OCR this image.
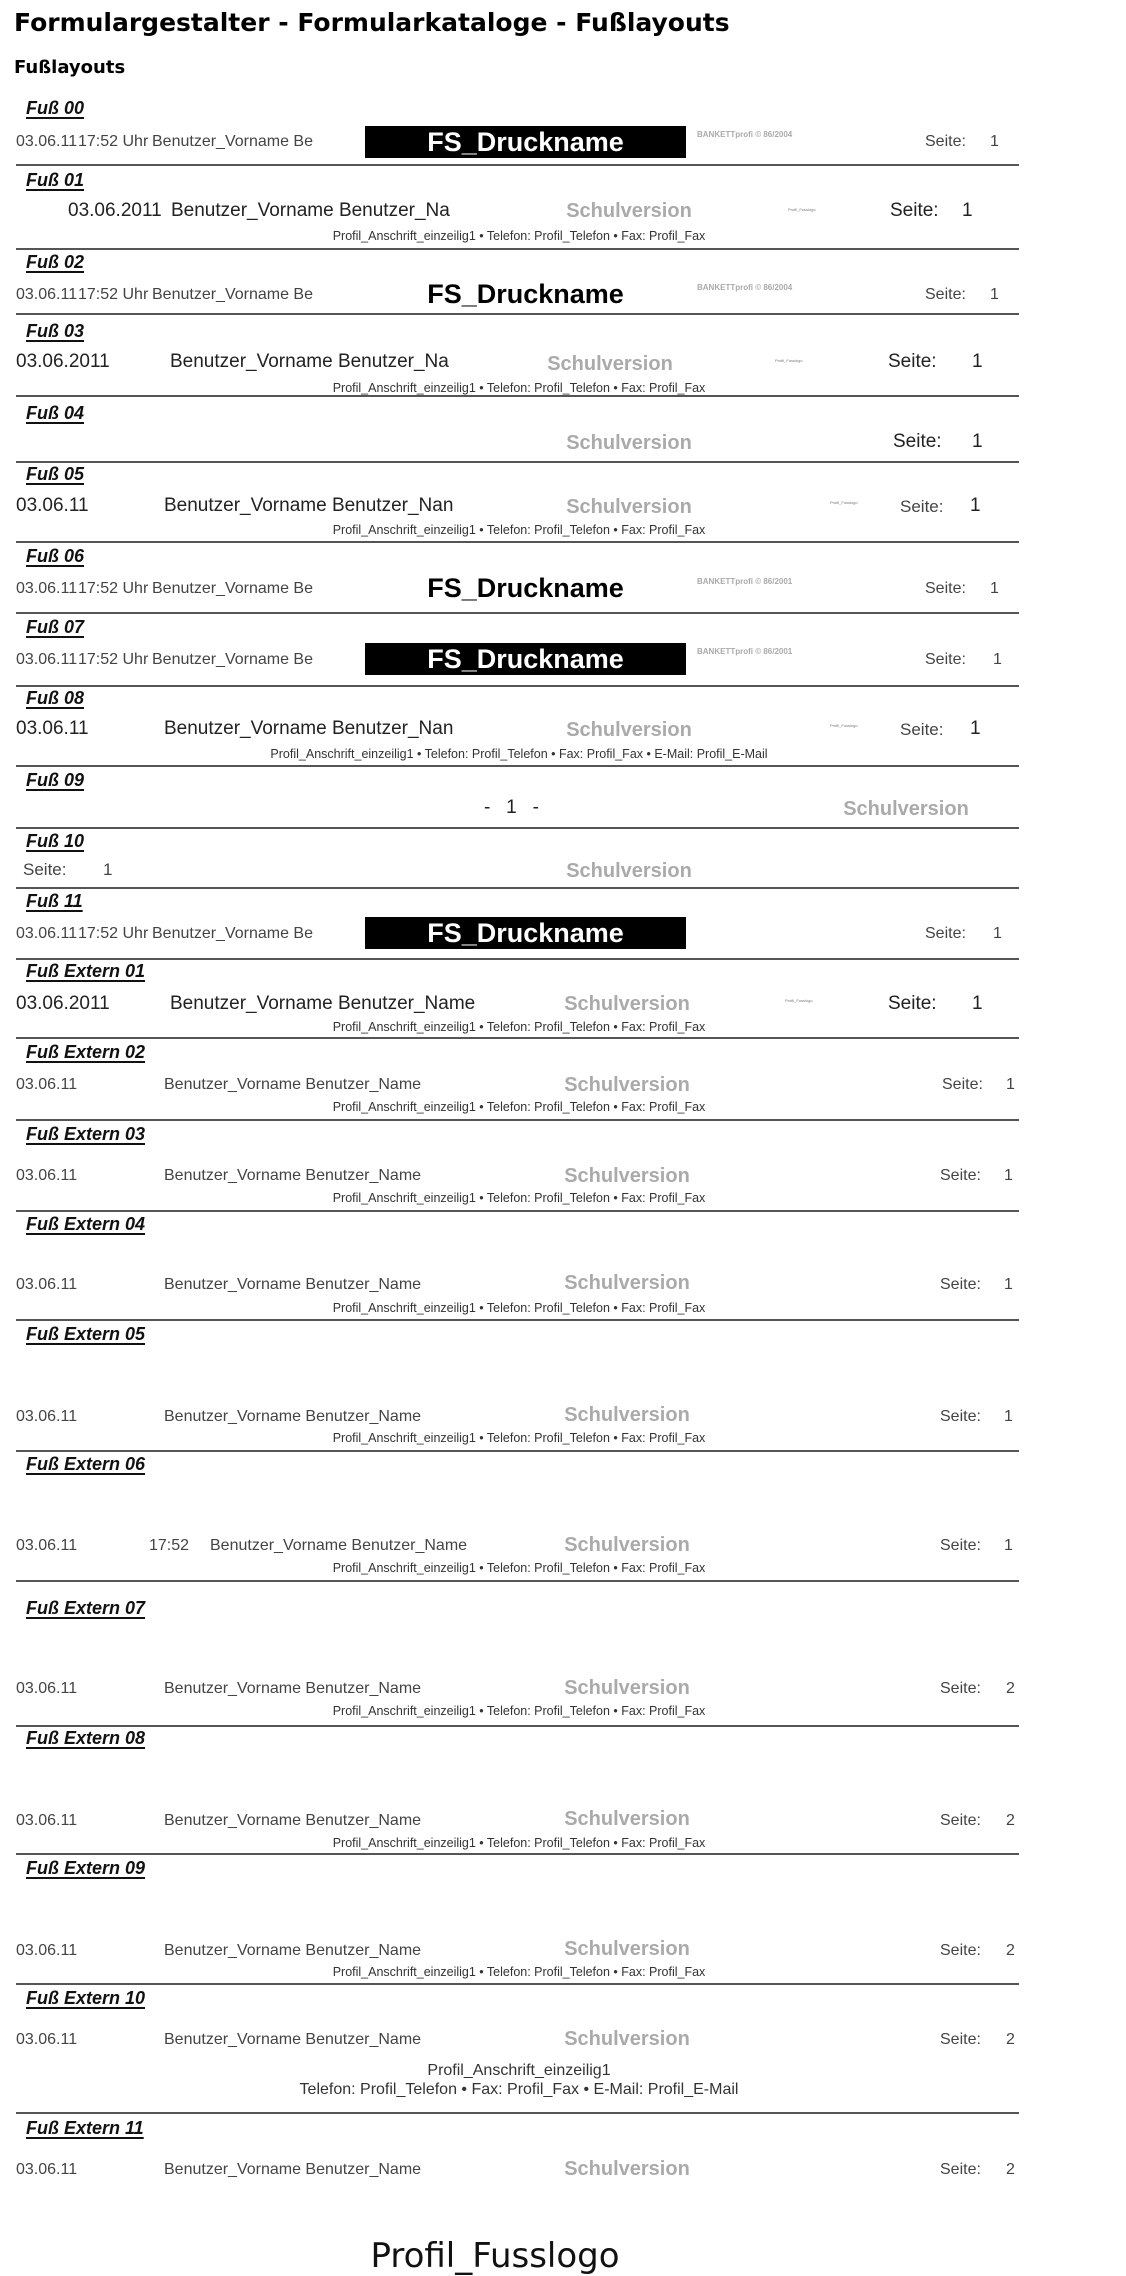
Formulargestalter - Formularkataloge - Fußlayouts
Fußlayouts
Fuß 00
03.06.11 17:52 Uhr Benutzer_Vorname Be	FS_Druckname	BANKETTprofi © 86/2004	Seite: 1
Fuß 01
03.06.2011 Benutzer_Vorname Benutzer_Na	Schulversion	Profil_Fusslogo	Seite: 1
Profil_Anschrift_einzeilig1 • Telefon: Profil_Telefon • Fax: Profil_Fax
Fuß 02
03.06.11 17:52 Uhr Benutzer_Vorname Be	FS_Druckname	BANKETTprofi © 86/2004	Seite: 1
Fuß 03
03.06.2011	Benutzer_Vorname Benutzer_Na	Schulversion	Profil_Fusslogo	Seite: 1
Profil_Anschrift_einzeilig1 • Telefon: Profil_Telefon • Fax: Profil_Fax
Fuß 04
Schulversion	Seite: 1
Fuß 05
03.06.11	Benutzer_Vorname Benutzer_Nan	Schulversion	Profil_Fusslogo Seite: 1
Profil_Anschrift_einzeilig1 • Telefon: Profil_Telefon • Fax: Profil_Fax
Fuß 06
03.06.11 17:52 Uhr Benutzer_Vorname Be	FS_Druckname	BANKETTprofi © 86/2001	Seite: 1
Fuß 07
03.06.11 17:52 Uhr Benutzer_Vorname Be	FS_Druckname	BANKETTprofi © 86/2001	Seite: 1
Fuß 08
03.06.11	Benutzer_Vorname Benutzer_Nan	Schulversion	Profil_Fusslogo Seite: 1
Profil_Anschrift_einzeilig1 • Telefon: Profil_Telefon • Fax: Profil_Fax • E-Mail: Profil_E-Mail
Fuß 09
-   1   -	Schulversion
Fuß 10
Seite: 1	Schulversion
Fuß 11
03.06.11 17:52 Uhr Benutzer_Vorname Be	FS_Druckname	Seite: 1
Fuß Extern 01
03.06.2011	Benutzer_Vorname Benutzer_Name	Schulversion	Profil_Fusslogo	Seite: 1
Profil_Anschrift_einzeilig1 • Telefon: Profil_Telefon • Fax: Profil_Fax
Fuß Extern 02
03.06.11	Benutzer_Vorname Benutzer_Name	Schulversion	Seite: 1
Profil_Anschrift_einzeilig1 • Telefon: Profil_Telefon • Fax: Profil_Fax
Fuß Extern 03
03.06.11	Benutzer_Vorname Benutzer_Name	Schulversion	Seite: 1
Profil_Anschrift_einzeilig1 • Telefon: Profil_Telefon • Fax: Profil_Fax
Fuß Extern 04
03.06.11	Benutzer_Vorname Benutzer_Name	Schulversion	Seite: 1
Profil_Anschrift_einzeilig1 • Telefon: Profil_Telefon • Fax: Profil_Fax
Fuß Extern 05
03.06.11	Benutzer_Vorname Benutzer_Name	Schulversion	Seite: 1
Profil_Anschrift_einzeilig1 • Telefon: Profil_Telefon • Fax: Profil_Fax
Fuß Extern 06
03.06.11	17:52 Benutzer_Vorname Benutzer_Name	Schulversion	Seite: 1
Profil_Anschrift_einzeilig1 • Telefon: Profil_Telefon • Fax: Profil_Fax
Fuß Extern 07
03.06.11	Benutzer_Vorname Benutzer_Name	Schulversion	Seite: 2
Profil_Anschrift_einzeilig1 • Telefon: Profil_Telefon • Fax: Profil_Fax
Fuß Extern 08
03.06.11	Benutzer_Vorname Benutzer_Name	Schulversion	Seite: 2
Profil_Anschrift_einzeilig1 • Telefon: Profil_Telefon • Fax: Profil_Fax
Fuß Extern 09
03.06.11	Benutzer_Vorname Benutzer_Name	Schulversion	Seite: 2
Profil_Anschrift_einzeilig1 • Telefon: Profil_Telefon • Fax: Profil_Fax
Fuß Extern 10
03.06.11	Benutzer_Vorname Benutzer_Name	Schulversion	Seite: 2
Profil_Anschrift_einzeilig1
Telefon: Profil_Telefon • Fax: Profil_Fax • E-Mail: Profil_E-Mail
Fuß Extern 11
03.06.11	Benutzer_Vorname Benutzer_Name	Schulversion	Seite: 2
Profil_Fusslogo
